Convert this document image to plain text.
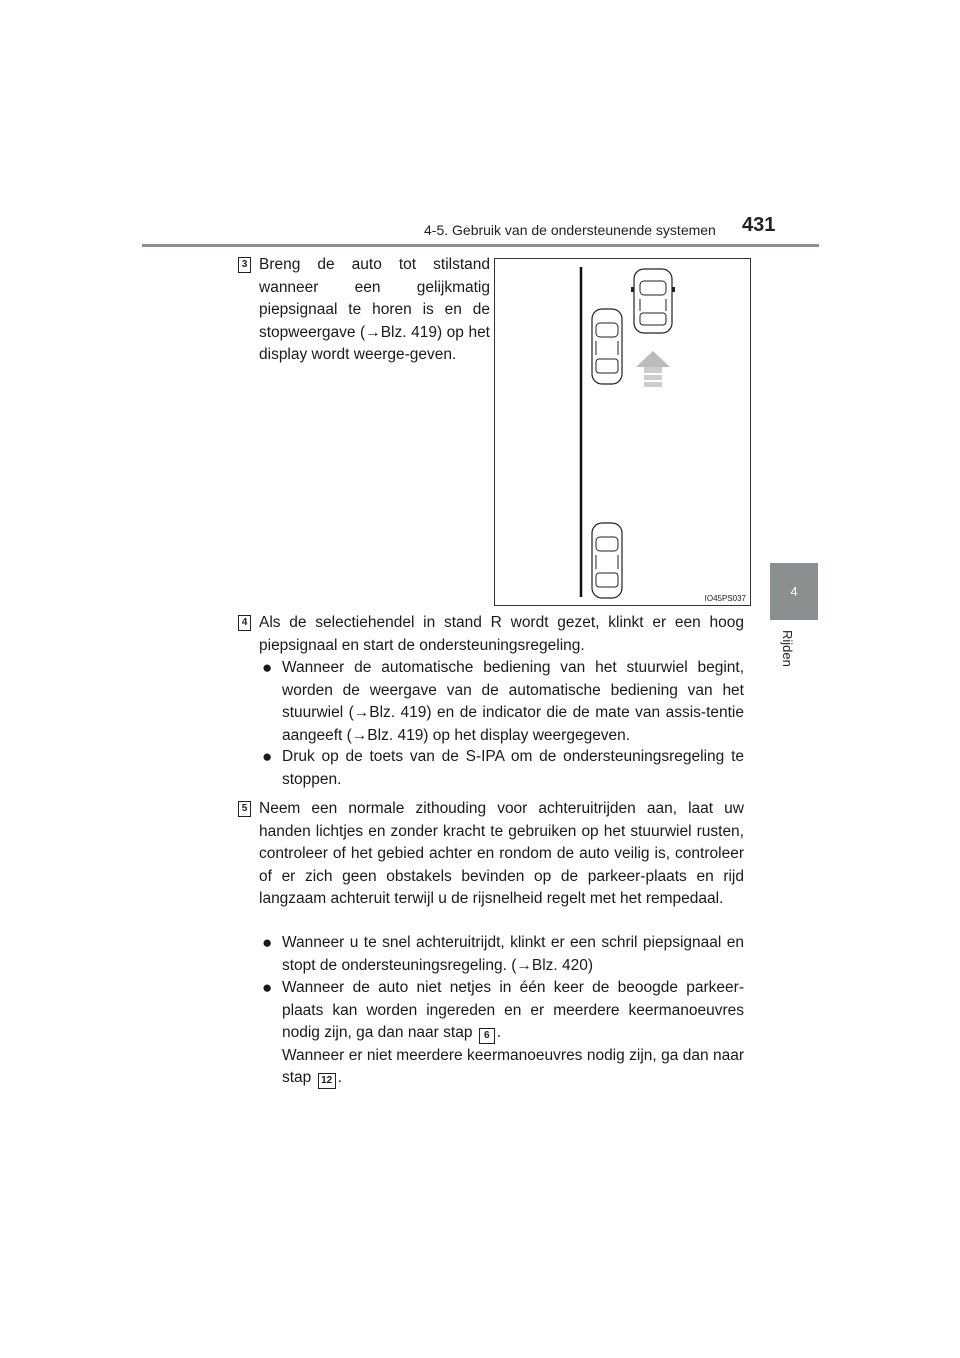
4-5. Gebruik van de ondersteunende systemen 431
4
Rijden
3 Breng de auto tot stilstand wanneer een gelijkmatig piepsignaal te horen is en de stopweergave (→Blz. 419) op het display wordt weerge-geven.

IO45PS037
4 Als de selectiehendel in stand R wordt gezet, klinkt er een hoog piepsignaal en start de ondersteuningsregeling.

● Wanneer de automatische bediening van het stuurwiel begint, worden de weergave van de automatische bediening van het stuurwiel (→Blz. 419) en de indicator die de mate van assis-tentie aangeeft (→Blz. 419) op het display weergegeven.

● Druk op de toets van de S-IPA om de ondersteuningsregeling te stoppen.

5 Neem een normale zithouding voor achteruitrijden aan, laat uw handen lichtjes en zonder kracht te gebruiken op het stuurwiel rusten, controleer of het gebied achter en rondom de auto veilig is, controleer of er zich geen obstakels bevinden op de parkeer-plaats en rijd langzaam achteruit terwijl u de rijsnelheid regelt met het rempedaal.

● Wanneer u te snel achteruitrijdt, klinkt er een schril piepsignaal en stopt de ondersteuningsregeling. (→Blz. 420)

● Wanneer de auto niet netjes in één keer de beoogde parkeer-plaats kan worden ingereden en er meerdere keermanoeuvres nodig zijn, ga dan naar stap 6 .
Wanneer er niet meerdere keermanoeuvres nodig zijn, ga dan naar stap 12 .
